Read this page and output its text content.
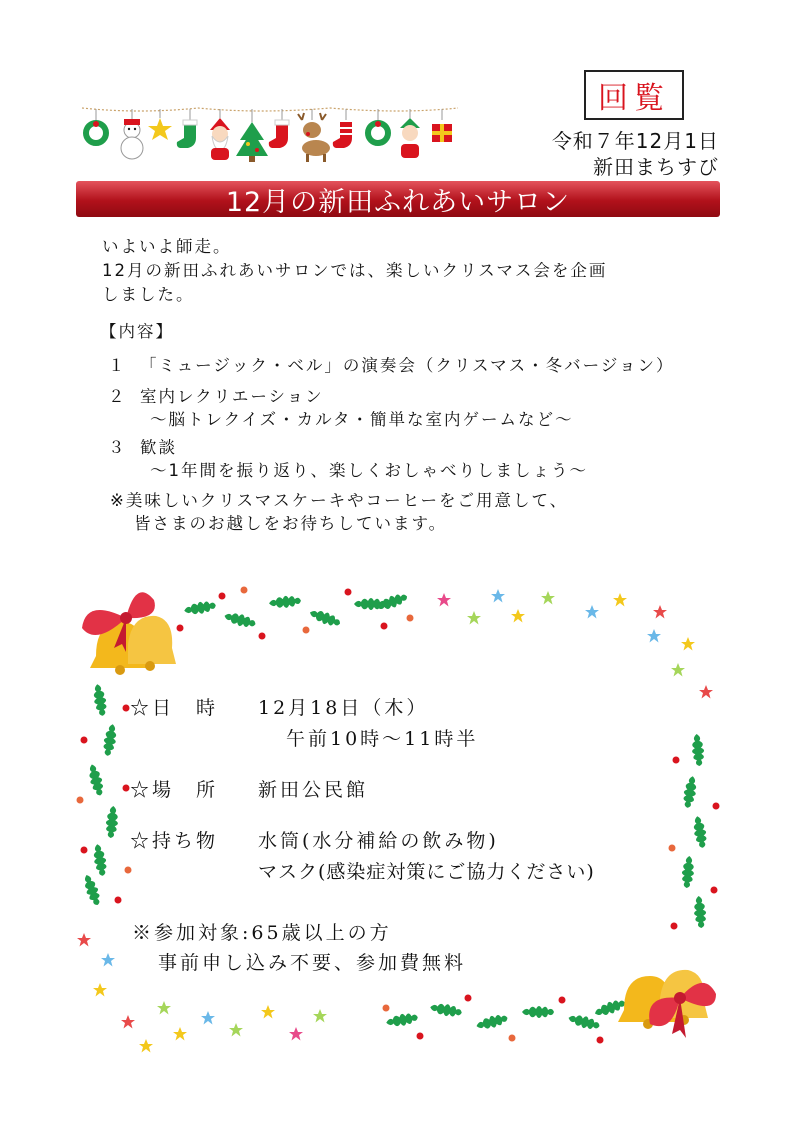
回覧
令和７年12月1日
新田まちすび
12月の新田ふれあいサロン
いよいよ師走。
12月の新田ふれあいサロンでは、楽しいクリスマス会を企画
しました。
【内容】
１ 「ミュージック・ベル」の演奏会（クリスマス・冬バージョン）
２ 室内レクリエーション
～脳トレクイズ・カルタ・簡単な室内ゲームなど～
３ 歓談
～1年間を振り返り、楽しくおしゃべりしましょう～
※美味しいクリスマスケーキやコーヒーをご用意して、
皆さまのお越しをお待ちしています。
☆日　時 12月18日（木）
午前10時～11時半
☆場　所 新田公民館
☆持ち物 水筒(水分補給の飲み物)
マスク(感染症対策にご協力ください)
※参加対象:65歳以上の方
事前申し込み不要、参加費無料
